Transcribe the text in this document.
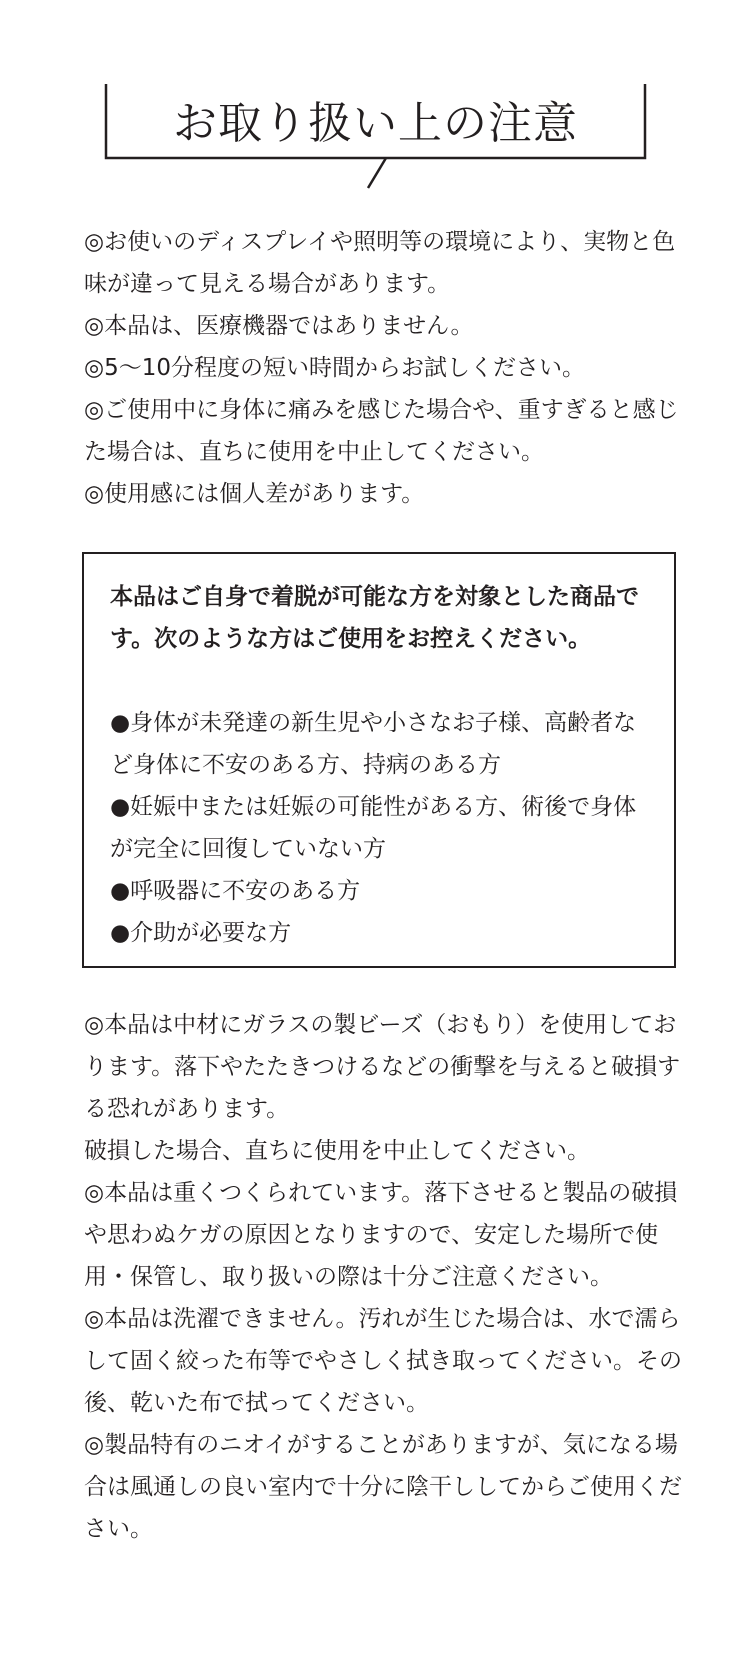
お取り扱い上の注意
◎お使いのディスプレイや照明等の環境により、実物と色味が違って見える場合があります。
◎本品は、医療機器ではありません。
◎5〜10分程度の短い時間からお試しください。
◎ご使用中に身体に痛みを感じた場合や、重すぎると感じた場合は、直ちに使用を中止してください。
◎使用感には個人差があります。

本品はご自身で着脱が可能な方を対象とした商品です。次のような方はご使用をお控えください。

●身体が未発達の新生児や小さなお子様、高齢者など身体に不安のある方、持病のある方
●妊娠中または妊娠の可能性がある方、術後で身体が完全に回復していない方
●呼吸器に不安のある方
●介助が必要な方
◎本品は中材にガラスの製ビーズ（おもり）を使用しております。落下やたたきつけるなどの衝撃を与えると破損する恐れがあります。
破損した場合、直ちに使用を中止してください。
◎本品は重くつくられています。落下させると製品の破損や思わぬケガの原因となりますので、安定した場所で使用・保管し、取り扱いの際は十分ご注意ください。
◎本品は洗濯できません。汚れが生じた場合は、水で濡らして固く絞った布等でやさしく拭き取ってください。その後、乾いた布で拭ってください。
◎製品特有のニオイがすることがありますが、気になる場合は風通しの良い室内で十分に陰干ししてからご使用ください。
